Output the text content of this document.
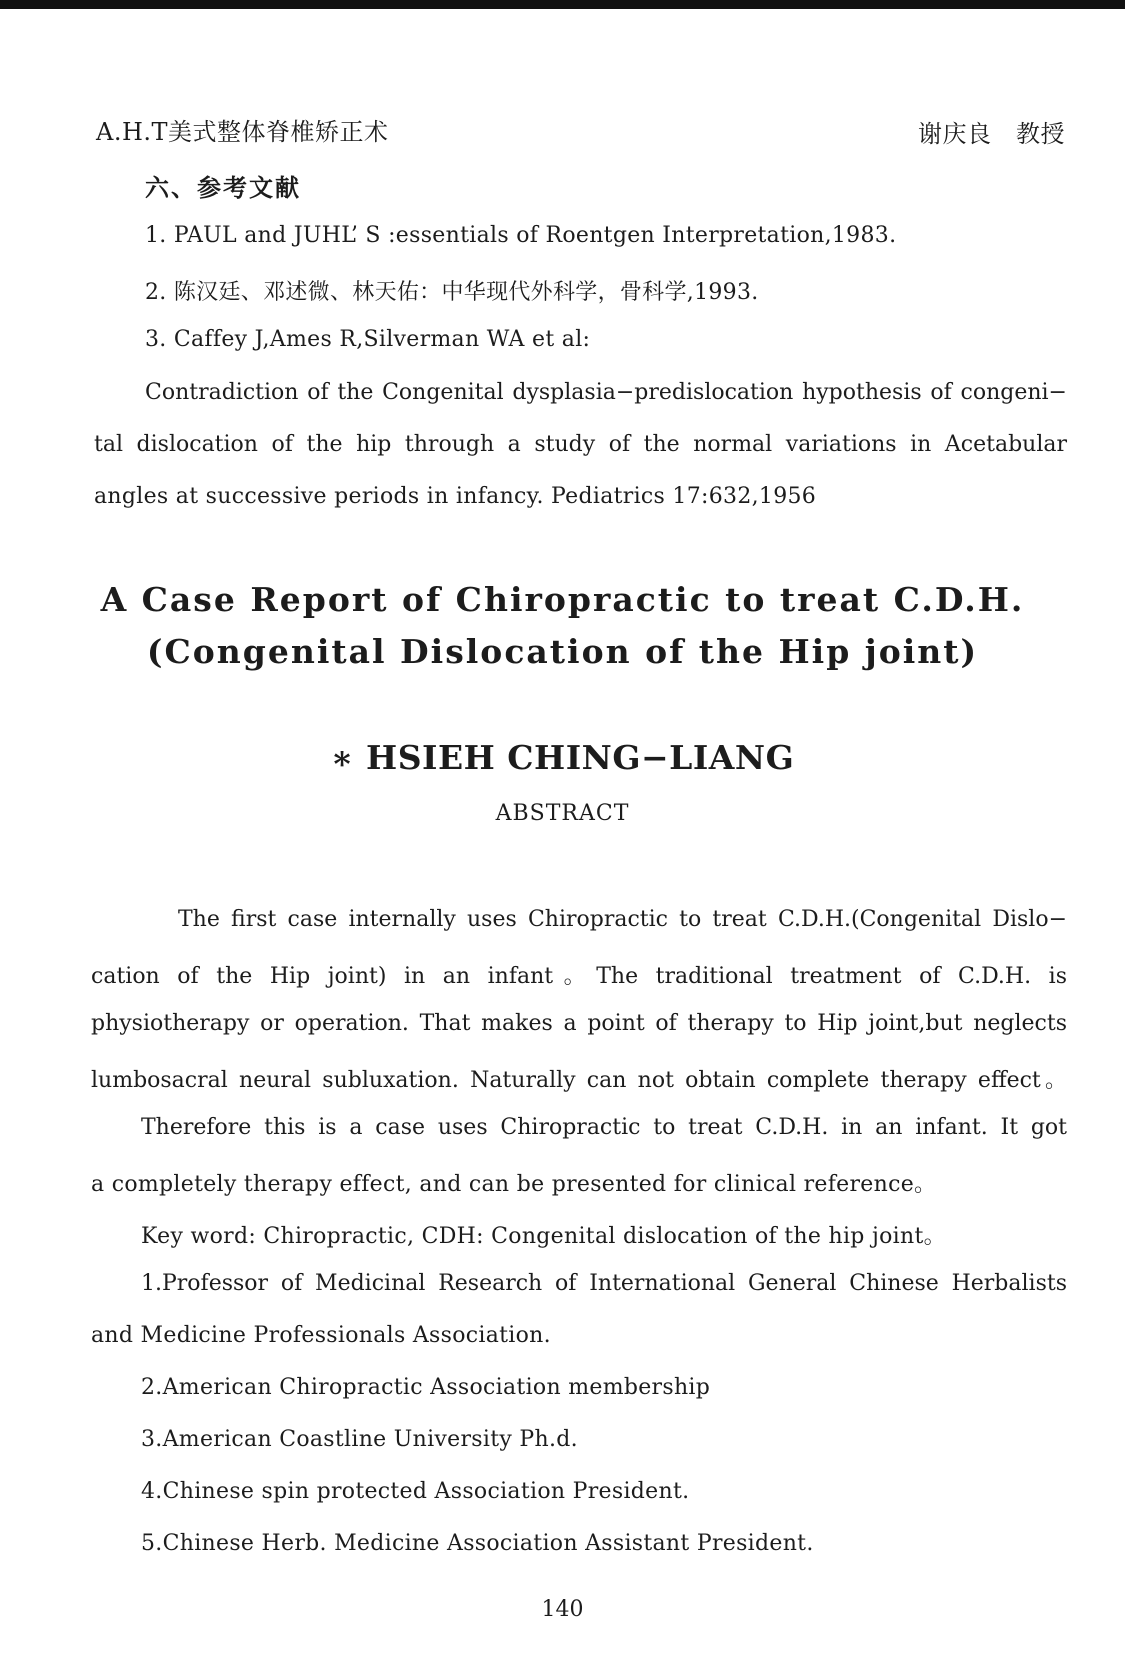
A.H.T美式整体脊椎矫正术	谢庆良　教授

六、参考文献

1. PAUL and JUHL’ S :essentials of Roentgen Interpretation,1983.

2. 陈汉廷、邓述微、林天佑：中华现代外科学，骨科学,1993.

3. Caffey J,Ames R,Silverman WA et al:

Contradiction of the Congenital dysplasia−predislocation hypothesis of congeni−

tal dislocation of the hip through a study of the normal variations in Acetabular

angles at successive periods in infancy. Pediatrics 17:632,1956

A Case Report of Chiropractic to treat C.D.H.

(Congenital Dislocation of the Hip joint)

∗ HSIEH CHING−LIANG

ABSTRACT

The first case internally uses Chiropractic to treat C.D.H.(Congenital Dislo−

cation of the Hip joint) in an infant。The traditional treatment of C.D.H. is

physiotherapy or operation. That makes a point of therapy to Hip joint,but neglects

lumbosacral neural subluxation. Naturally can not obtain complete therapy effect。

Therefore this is a case uses Chiropractic to treat C.D.H. in an infant. It got

a completely therapy effect, and can be presented for clinical reference。

Key word: Chiropractic, CDH: Congenital dislocation of the hip joint。

1.Professor of Medicinal Research of International General Chinese Herbalists

and Medicine Professionals Association.

2.American Chiropractic Association membership

3.American Coastline University Ph.d.

4.Chinese spin protected Association President.

5.Chinese Herb. Medicine Association Assistant President.

140
